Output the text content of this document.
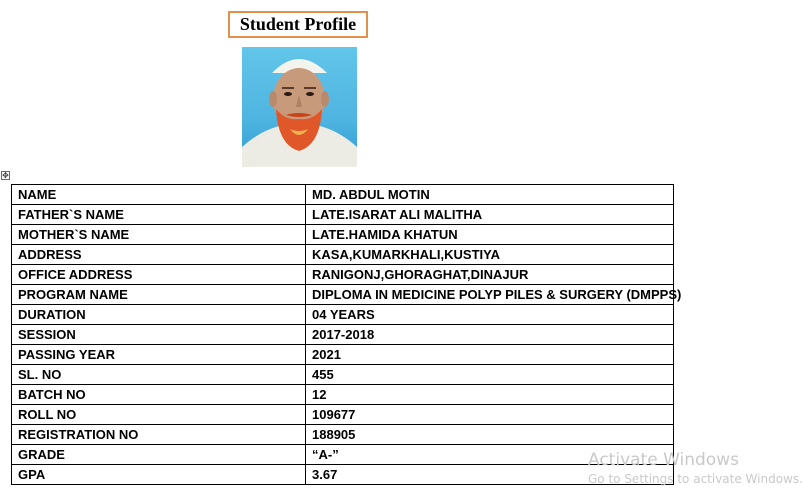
Student Profile
✥
NAME	MD. ABDUL MOTIN
FATHER`S NAME	LATE.ISARAT ALI MALITHA
MOTHER`S NAME	LATE.HAMIDA KHATUN
ADDRESS	KASA,KUMARKHALI,KUSTIYA
OFFICE ADDRESS	RANIGONJ,GHORAGHAT,DINAJUR
PROGRAM NAME	DIPLOMA IN MEDICINE POLYP PILES & SURGERY (DMPPS)
DURATION	04 YEARS
SESSION	2017-2018
PASSING YEAR	2021
SL. NO	455
BATCH NO	12
ROLL NO	109677
REGISTRATION NO	188905
GRADE	“A-”
GPA	3.67
Activate Windows
Go to Settings to activate Windows.
